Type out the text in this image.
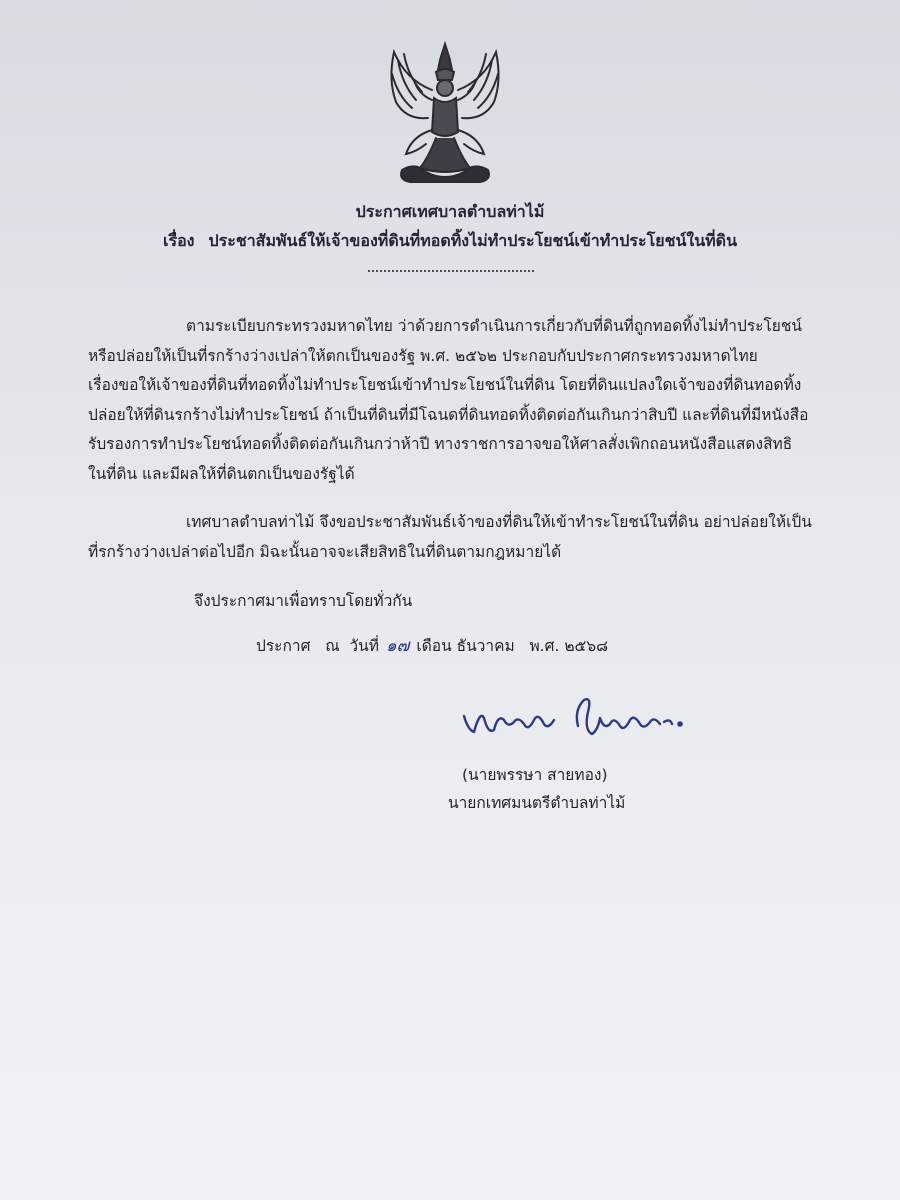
ประกาศเทศบาลตำบลท่าไม้
เรื่อง ประชาสัมพันธ์ให้เจ้าของที่ดินที่ทอดทิ้งไม่ทำประโยชน์เข้าทำประโยชน์ในที่ดิน

ตามระเบียบกระทรวงมหาดไทย ว่าด้วยการดำเนินการเกี่ยวกับที่ดินที่ถูกทอดทิ้งไม่ทำประโยชน์
หรือปล่อยให้เป็นที่รกร้างว่างเปล่าให้ตกเป็นของรัฐ พ.ศ. ๒๕๖๒ ประกอบกับประกาศกระทรวงมหาดไทย
เรื่องขอให้เจ้าของที่ดินที่ทอดทิ้งไม่ทำประโยชน์เข้าทำประโยชน์ในที่ดิน โดยที่ดินแปลงใดเจ้าของที่ดินทอดทิ้ง
ปล่อยให้ที่ดินรกร้างไม่ทำประโยชน์ ถ้าเป็นที่ดินที่มีโฉนดที่ดินทอดทิ้งติดต่อกันเกินกว่าสิบปี และที่ดินที่มีหนังสือ
รับรองการทำประโยชน์ทอดทิ้งติดต่อกันเกินกว่าห้าปี ทางราชการอาจขอให้ศาลสั่งเพิกถอนหนังสือแสดงสิทธิ
ในที่ดิน และมีผลให้ที่ดินตกเป็นของรัฐได้

เทศบาลตำบลท่าไม้ จึงขอประชาสัมพันธ์เจ้าของที่ดินให้เข้าทำระโยชน์ในที่ดิน อย่าปล่อยให้เป็น
ที่รกร้างว่างเปล่าต่อไปอีก มิฉะนั้นอาจจะเสียสิทธิในที่ดินตามกฎหมายได้

จึงประกาศมาเพื่อทราบโดยทั่วกัน
ประกาศ   ณ  วันที่ ๑๗ เดือน ธันวาคม พ.ศ. ๒๕๖๘
(นายพรรษา สายทอง)
นายกเทศมนตรีตำบลท่าไม้
